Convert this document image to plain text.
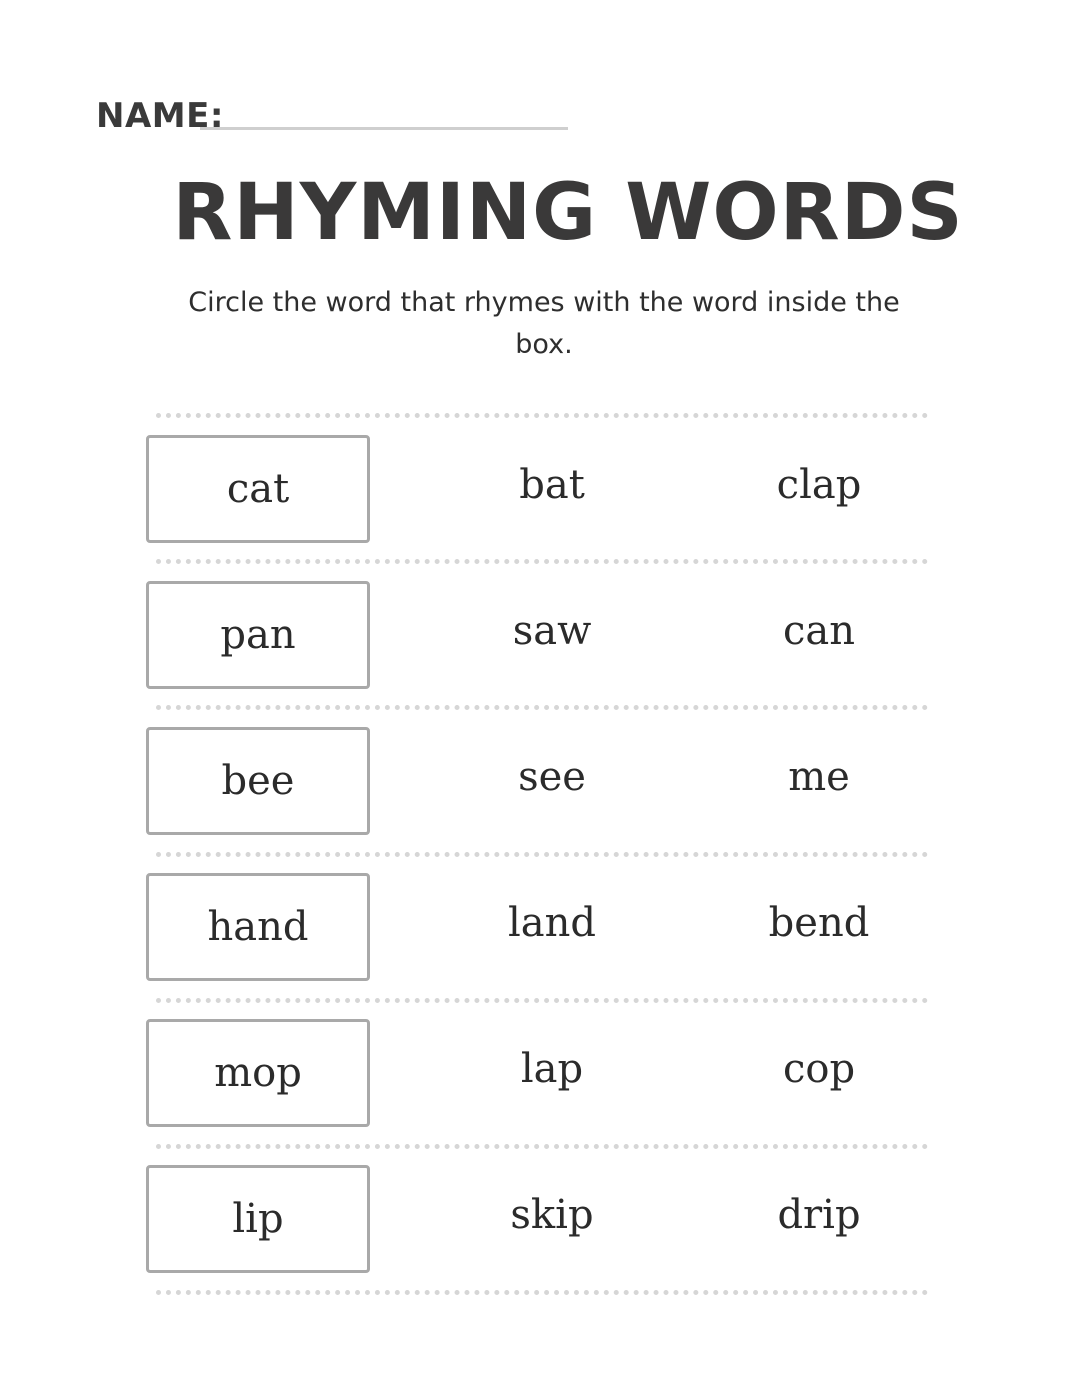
NAME:
RHYMING WORDS
Circle the word that rhymes with the word inside the box.
cat	bat	clap
pan	saw	can
bee	see	me
hand	land	bend
mop	lap	cop
lip	skip	drip
